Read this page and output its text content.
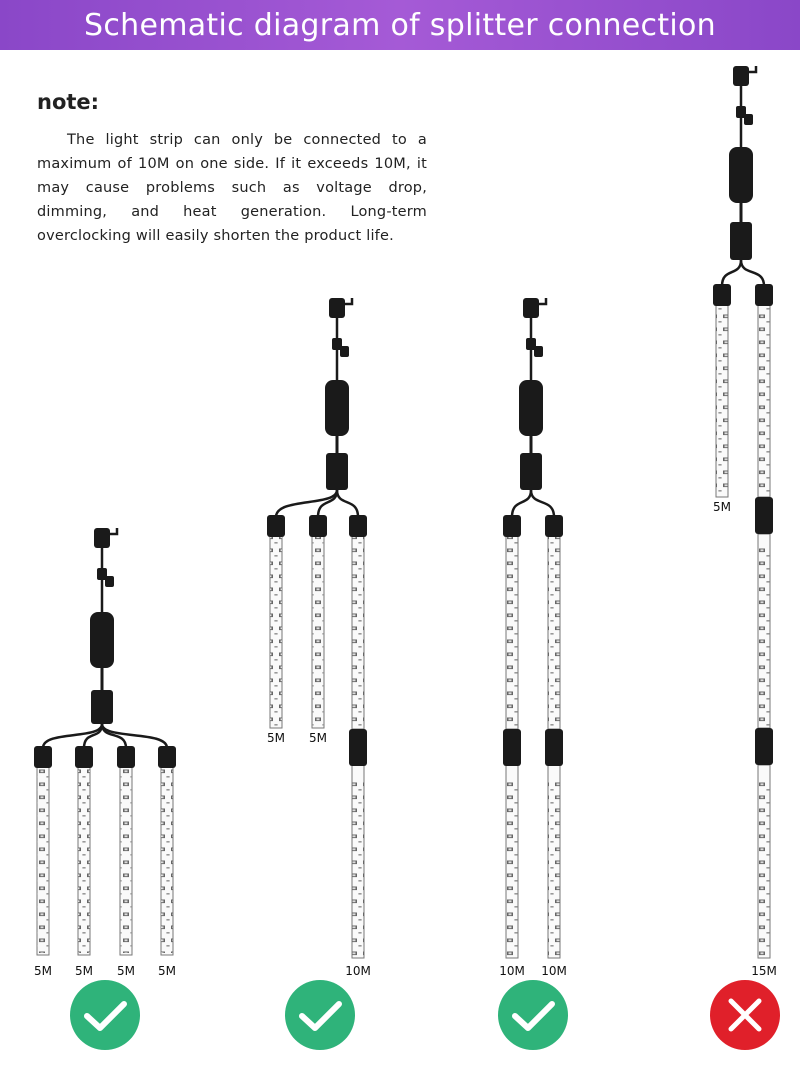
Schematic diagram of splitter connection
note:

The light strip can only be connected to a maximum of 10M on one side. If it exceeds 10M, it may cause problems such as voltage drop, dimming, and heat generation. Long-term overclocking will easily shorten the product life.

5M 5M 5M 5M
5M 5M
10M	10M 10M
5M
15M
